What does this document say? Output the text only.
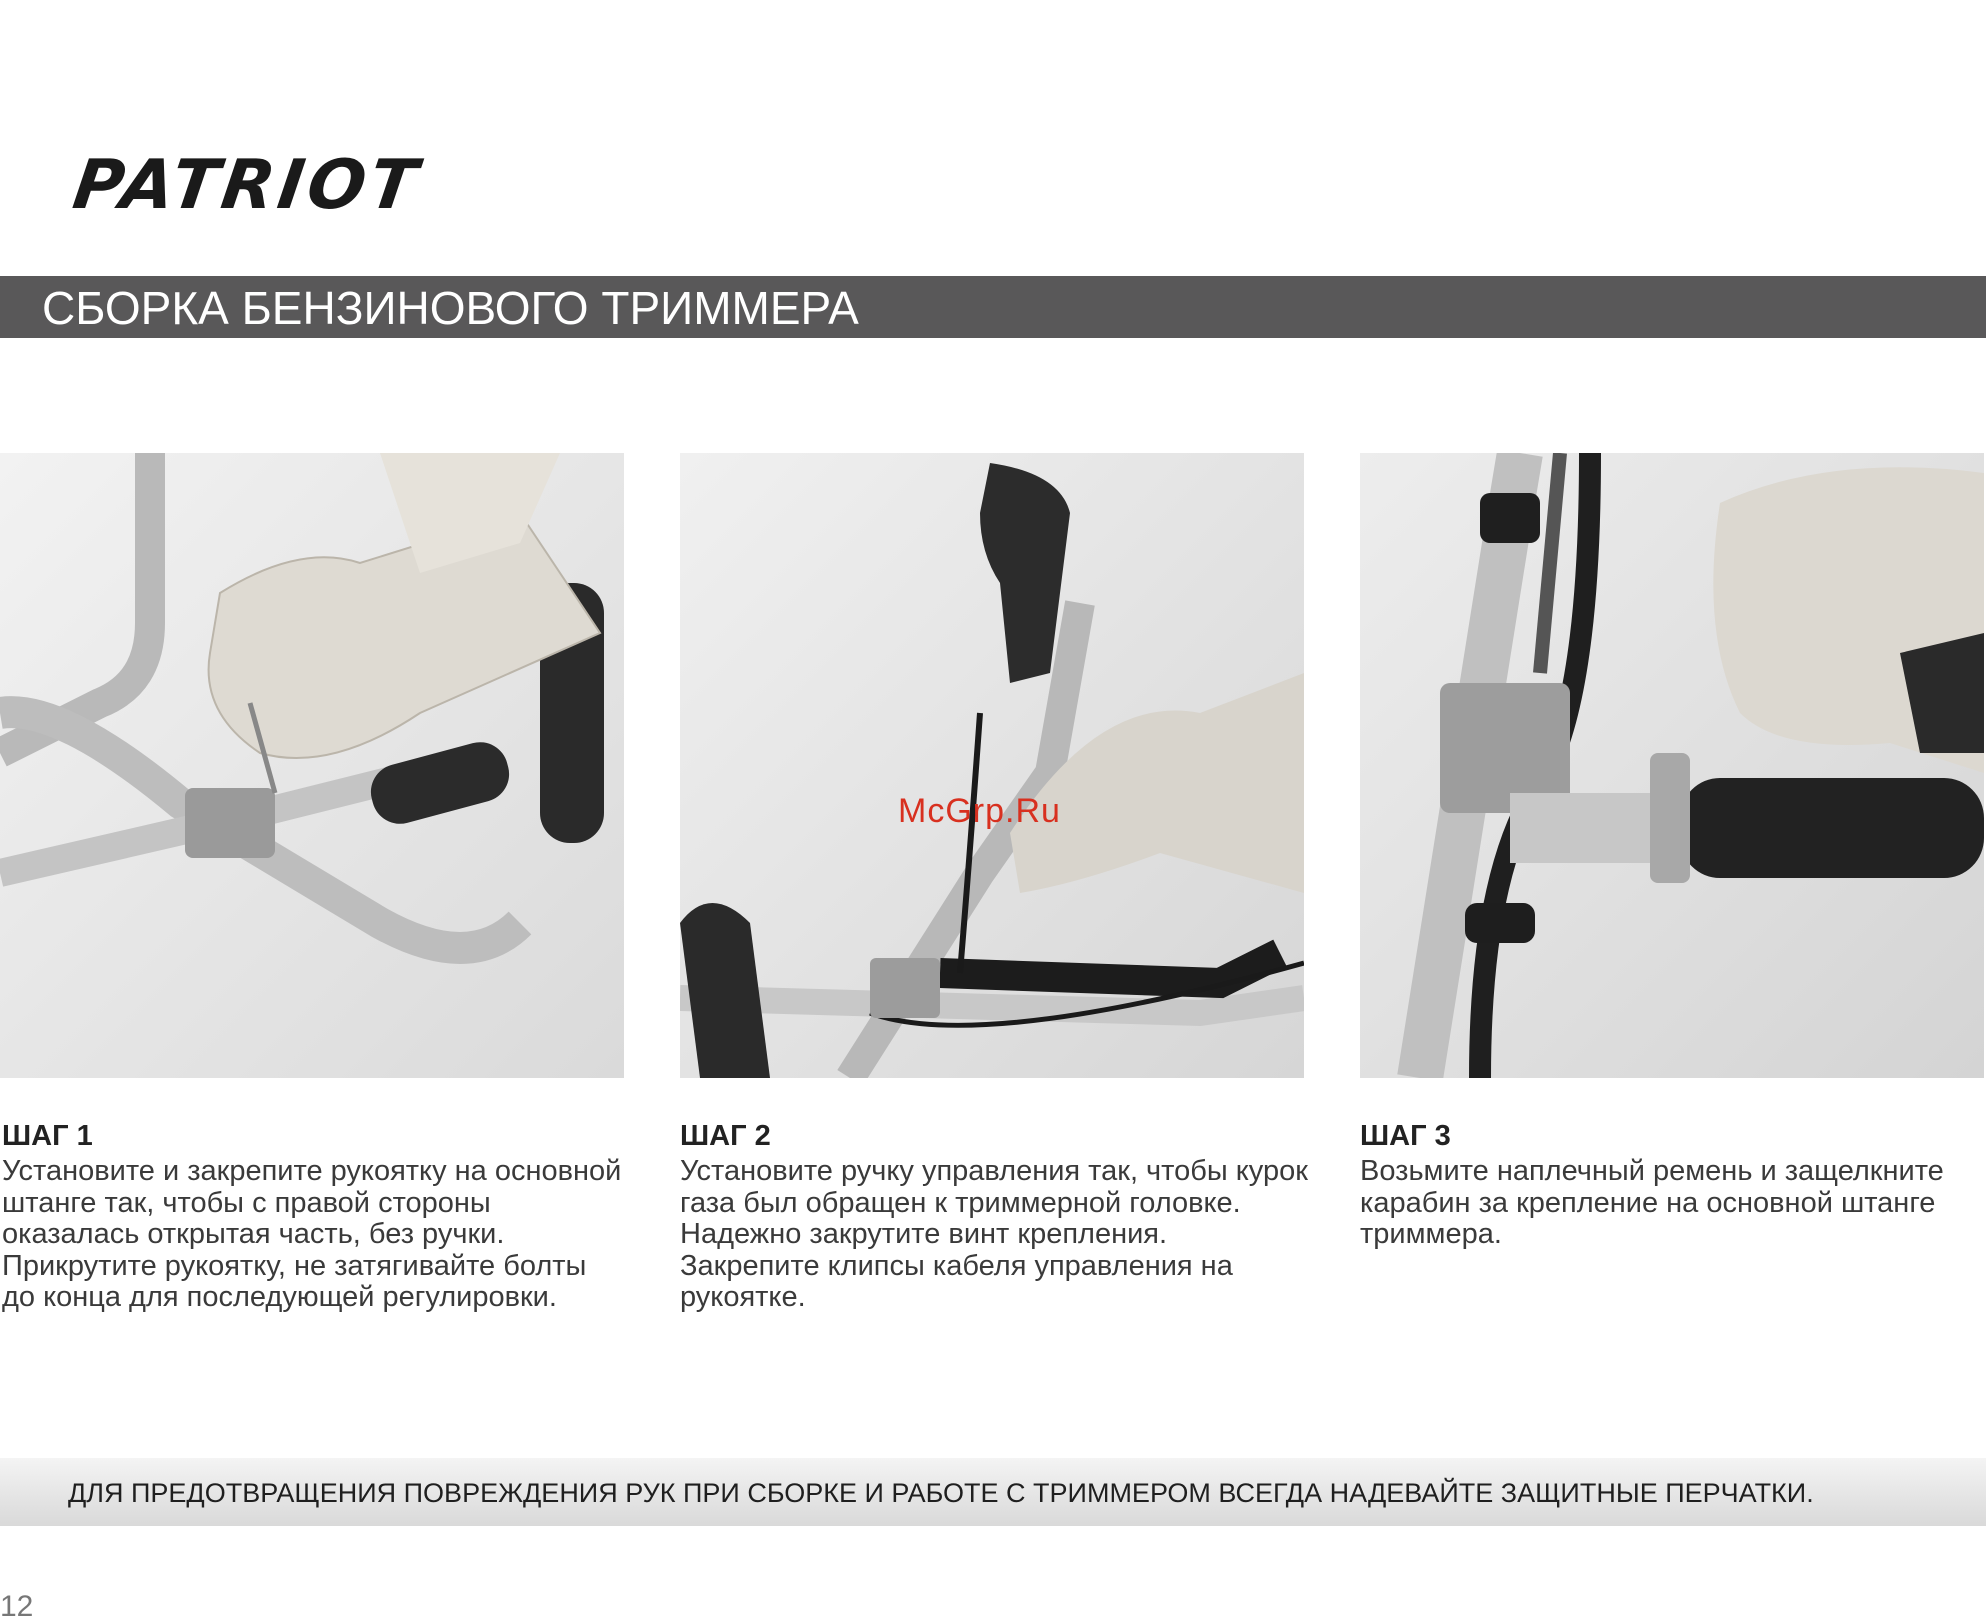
PATRIOT
СБОРКА БЕНЗИНОВОГО ТРИММЕРА
McGrp.Ru

ШАГ 1

Установите и закрепите рукоятку на основной штанге так, чтобы с правой стороны оказалась открытая часть, без ручки. Прикрутите рукоятку, не затягивайте болты до конца для последующей регулировки.

ШАГ 2

Установите ручку управления так, чтобы курок газа был обращен к триммерной головке. Надежно закрутите винт крепления. Закрепите клипсы кабеля управления на рукоятке.

ШАГ 3

Возьмите наплечный ремень и защелкните карабин за крепление на основной штанге триммера.

ДЛЯ ПРЕДОТВРАЩЕНИЯ ПОВРЕЖДЕНИЯ РУК ПРИ СБОРКЕ И РАБОТЕ С ТРИММЕРОМ ВСЕГДА НАДЕВАЙТЕ ЗАЩИТНЫЕ ПЕРЧАТКИ.
12
